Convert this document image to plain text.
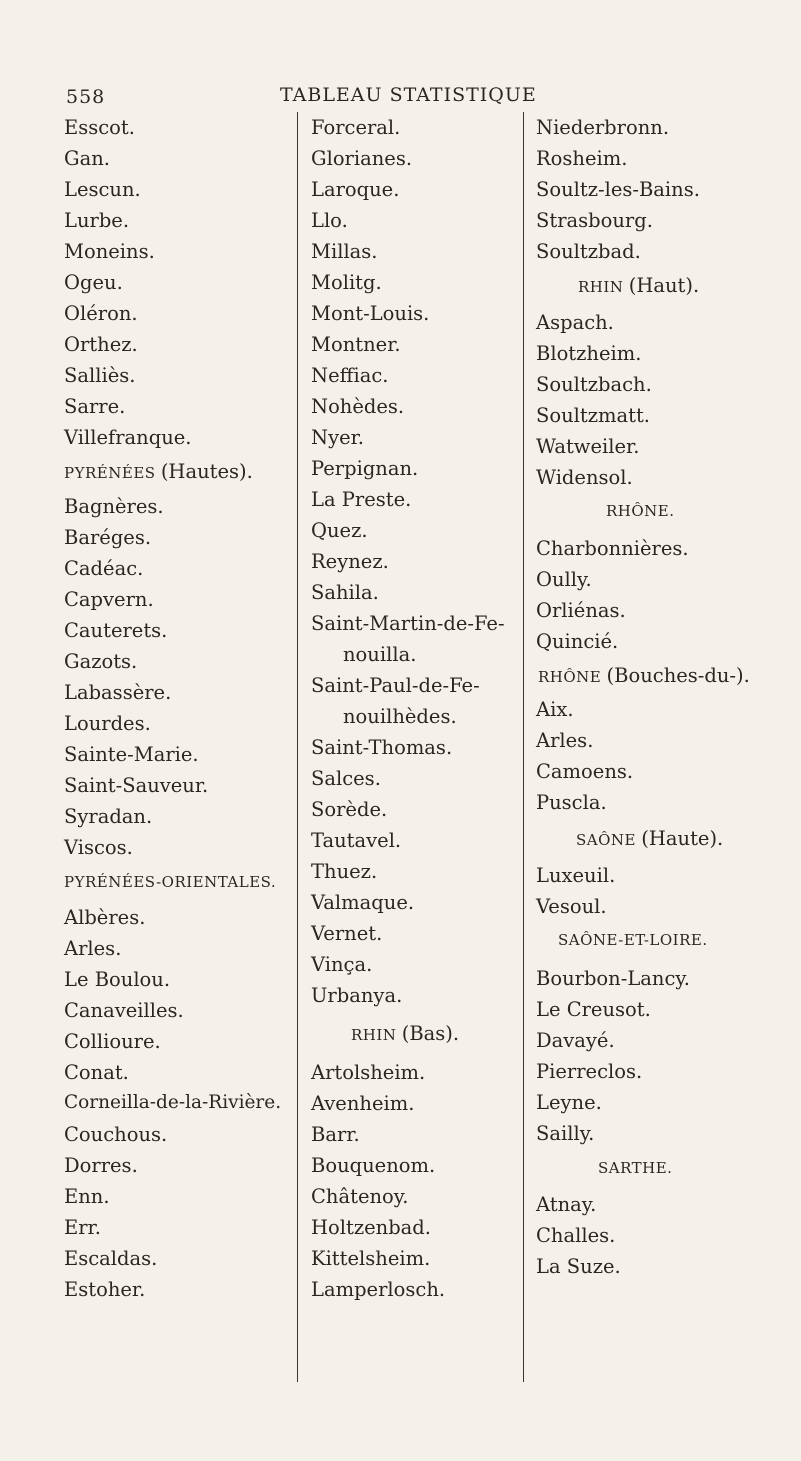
558	TABLEAU STATISTIQUE
Esscot.
Gan.
Lescun.
Lurbe.
Moneins.
Ogeu.
Oléron.
Orthez.
Salliès.
Sarre.
Villefranque.
PYRÉNÉES (Hautes).
Bagnères.
Baréges.
Cadéac.
Capvern.
Cauterets.
Gazots.
Labassère.
Lourdes.
Sainte-Marie.
Saint-Sauveur.
Syradan.
Viscos.
PYRÉNÉES-ORIENTALES.
Albères.
Arles.
Le Boulou.
Canaveilles.
Collioure.
Conat.
Corneilla-de-la-Rivière.
Couchous.
Dorres.
Enn.
Err.
Escaldas.
Estoher.
Forceral.
Glorianes.
Laroque.
Llo.
Millas.
Molitg.
Mont-Louis.
Montner.
Neffiac.
Nohèdes.
Nyer.
Perpignan.
La Preste.
Quez.
Reynez.
Sahila.
Saint-Martin-de-Fe-
nouilla.
Saint-Paul-de-Fe-
nouilhèdes.
Saint-Thomas.
Salces.
Sorède.
Tautavel.
Thuez.
Valmaque.
Vernet.
Vinça.
Urbanya.
RHIN (Bas).
Artolsheim.
Avenheim.
Barr.
Bouquenom.
Châtenoy.
Holtzenbad.
Kittelsheim.
Lamperlosch.
Niederbronn.
Rosheim.
Soultz-les-Bains.
Strasbourg.
Soultzbad.
RHIN (Haut).
Aspach.
Blotzheim.
Soultzbach.
Soultzmatt.
Watweiler.
Widensol.
RHÔNE.
Charbonnières.
Oully.
Orliénas.
Quincié.
RHÔNE (Bouches-du-).
Aix.
Arles.
Camoens.
Puscla.
SAÔNE (Haute).
Luxeuil.
Vesoul.
SAÔNE-ET-LOIRE.
Bourbon-Lancy.
Le Creusot.
Davayé.
Pierreclos.
Leyne.
Sailly.
SARTHE.
Atnay.
Challes.
La Suze.
